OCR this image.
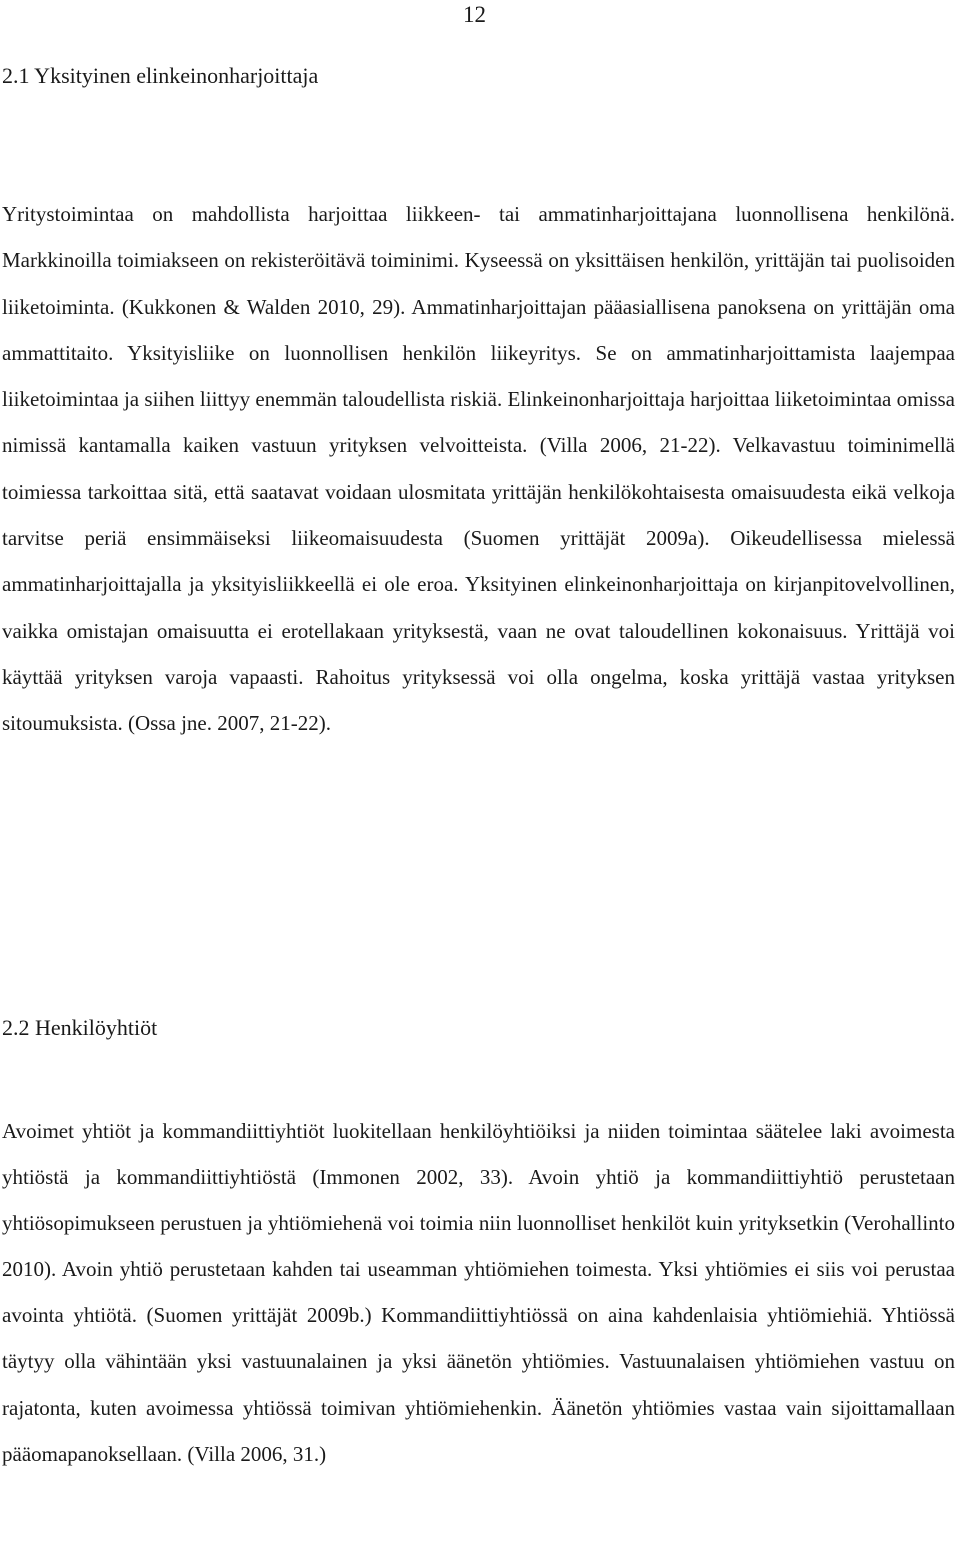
12
2.1 Yksityinen elinkeinonharjoittaja

Yritystoimintaa on mahdollista harjoittaa liikkeen- tai ammatinharjoittajana luonnollisena henkilönä. Markkinoilla toimiakseen on rekisteröitävä toiminimi. Kyseessä on yksittäisen henkilön, yrittäjän tai puolisoiden liiketoiminta. (Kukkonen & Walden 2010, 29). Ammatinharjoittajan pääasiallisena panoksena on yrittäjän oma ammattitaito. Yksityisliike on luonnollisen henkilön liikeyritys. Se on ammatinharjoittamista laajempaa liiketoimintaa ja siihen liittyy enemmän taloudellista riskiä. Elinkeinonharjoittaja harjoittaa liiketoimintaa omissa nimissä kantamalla kaiken vastuun yrityksen velvoitteista. (Villa 2006, 21-22). Velkavastuu toiminimellä toimiessa tarkoittaa sitä, että saatavat voidaan ulosmitata yrittäjän henkilökohtaisesta omaisuudesta eikä velkoja tarvitse periä ensimmäiseksi liikeomaisuudesta (Suomen yrittäjät 2009a). Oikeudellisessa mielessä ammatinharjoittajalla ja yksityisliikkeellä ei ole eroa. Yksityinen elinkeinonharjoittaja on kirjanpitovelvollinen, vaikka omistajan omaisuutta ei erotellakaan yrityksestä, vaan ne ovat taloudellinen kokonaisuus. Yrittäjä voi käyttää yrityksen varoja vapaasti. Rahoitus yrityksessä voi olla ongelma, koska yrittäjä vastaa yrityksen sitoumuksista. (Ossa jne. 2007, 21-22).

2.2 Henkilöyhtiöt

Avoimet yhtiöt ja kommandiittiyhtiöt luokitellaan henkilöyhtiöiksi ja niiden toimintaa säätelee laki avoimesta yhtiöstä ja kommandiittiyhtiöstä (Immonen 2002, 33). Avoin yhtiö ja kommandiittiyhtiö perustetaan yhtiösopimukseen perustuen ja yhtiömiehenä voi toimia niin luonnolliset henkilöt kuin yrityksetkin (Verohallinto 2010). Avoin yhtiö perustetaan kahden tai useamman yhtiömiehen toimesta. Yksi yhtiömies ei siis voi perustaa avointa yhtiötä. (Suomen yrittäjät 2009b.) Kommandiittiyhtiössä on aina kahdenlaisia yhtiömiehiä. Yhtiössä täytyy olla vähintään yksi vastuunalainen ja yksi äänetön yhtiömies. Vastuunalaisen yhtiömiehen vastuu on rajatonta, kuten avoimessa yhtiössä toimivan yhtiömiehenkin. Äänetön yhtiömies vastaa vain sijoittamallaan pääomapanoksellaan. (Villa 2006, 31.)
